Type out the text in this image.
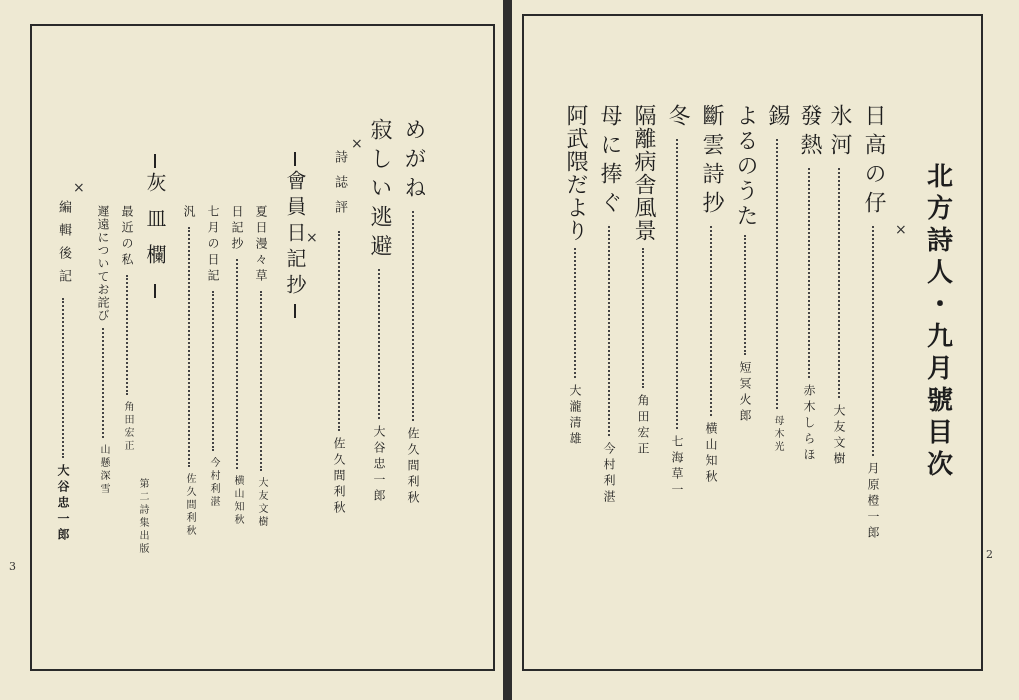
3
めがね
佐久間利秋
寂しい逃避
大谷忠一郎
×
詩誌評
佐久間利秋
×
會員日記抄
夏日漫々草
大友文樹
日記抄
横山知秋
七月の日記
今村利湛
汎
佐久間利秋
灰皿欄
最近の私
角田宏正
第二詩集出版
遲遠についてお詫び
山懸深雪
×
編輯後記
大谷忠一郎
2
北方詩人・九月號目次
×
日高の仔
月原橙一郎
氷河
大友文樹
發熱
赤木しらほ
錫
母木光
よるのうた
短冥火郎
斷雲詩抄
横山知秋
冬
七海草一
隔離病舎風景
角田宏正
母に捧ぐ
今村利湛
阿武隈だより
大瀧清雄
